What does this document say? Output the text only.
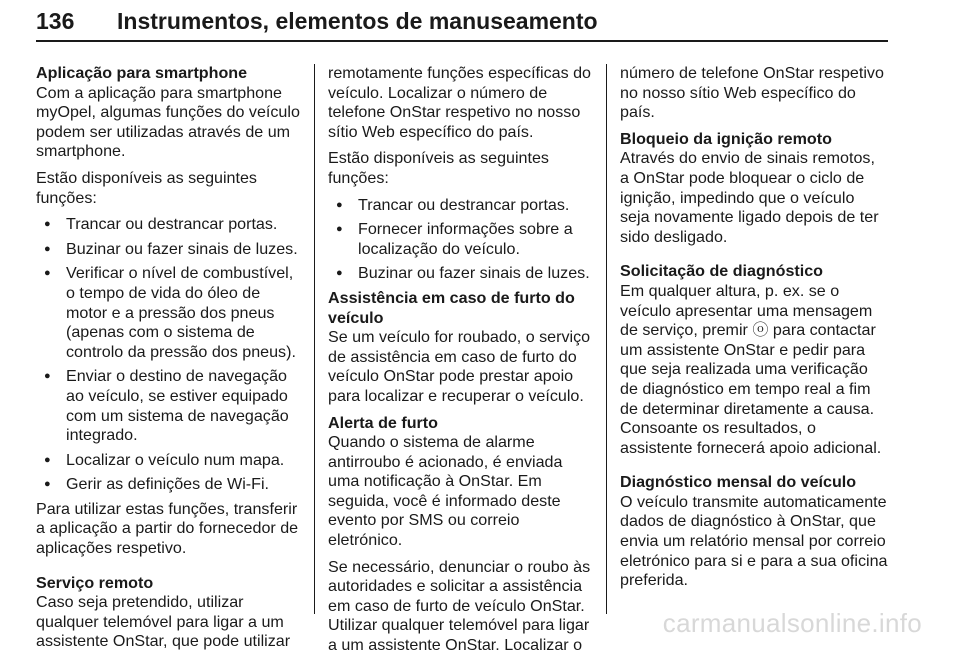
136 Instrumentos, elementos de manuseamento
Aplicação para smartphone

Com a aplicação para smartphone myOpel, algumas funções do veículo podem ser utilizadas através de um smartphone.

Estão disponíveis as seguintes funções:

● Trancar ou destrancar portas.
● Buzinar ou fazer sinais de luzes.
● Verificar o nível de combustível, o tempo de vida do óleo de motor e a pressão dos pneus (apenas com o sistema de controlo da pressão dos pneus).
● Enviar o destino de navegação ao veículo, se estiver equipado com um sistema de navegação integrado.
● Localizar o veículo num mapa.
● Gerir as definições de Wi-Fi.

Para utilizar estas funções, transferir a aplicação a partir do fornecedor de aplicações respetivo.

Serviço remoto

Caso seja pretendido, utilizar qualquer telemóvel para ligar a um assistente OnStar, que pode utilizar

remotamente funções específicas do veículo. Localizar o número de telefone OnStar respetivo no nosso sítio Web específico do país.

Estão disponíveis as seguintes funções:

● Trancar ou destrancar portas.
● Fornecer informações sobre a localização do veículo.
● Buzinar ou fazer sinais de luzes.
Assistência em caso de furto do veículo

Se um veículo for roubado, o serviço de assistência em caso de furto do veículo OnStar pode prestar apoio para localizar e recuperar o veículo.

Alerta de furto

Quando o sistema de alarme antirroubo é acionado, é enviada uma notificação à OnStar. Em seguida, você é informado deste evento por SMS ou correio eletrónico.

Se necessário, denunciar o roubo às autoridades e solicitar a assistência em caso de furto de veículo OnStar. Utilizar qualquer telemóvel para ligar a um assistente OnStar. Localizar o

número de telefone OnStar respetivo no nosso sítio Web específico do país.

Bloqueio da ignição remoto

Através do envio de sinais remotos, a OnStar pode bloquear o ciclo de ignição, impedindo que o veículo seja novamente ligado depois de ter sido desligado.

Solicitação de diagnóstico

Em qualquer altura, p. ex. se o veículo apresentar uma mensagem de serviço, premir ⓞ para contactar um assistente OnStar e pedir para que seja realizada uma verificação de diagnóstico em tempo real a fim de determinar diretamente a causa. Consoante os resultados, o assistente fornecerá apoio adicional.

Diagnóstico mensal do veículo

O veículo transmite automaticamente dados de diagnóstico à OnStar, que envia um relatório mensal por correio eletrónico para si e para a sua oficina preferida.

carmanualsonline.info
